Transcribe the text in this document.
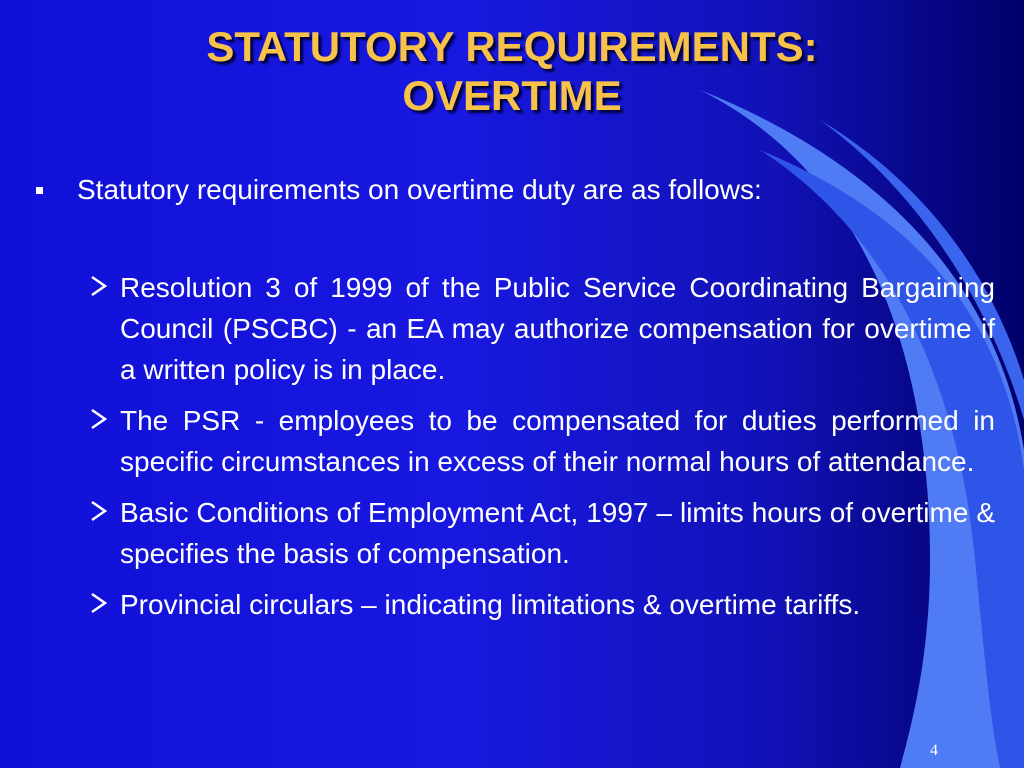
STATUTORY REQUIREMENTS:
OVERTIME
Statutory requirements on overtime duty are as follows:
Resolution 3 of 1999 of the Public Service Coordinating Bargaining Council (PSCBC) - an EA may authorize compensation for overtime if a written policy is in place.
The PSR - employees to be compensated for duties performed in specific circumstances in excess of their normal hours of attendance.
Basic Conditions of Employment Act, 1997 – limits hours of overtime & specifies the basis of compensation.
Provincial circulars – indicating limitations & overtime tariffs.
4
